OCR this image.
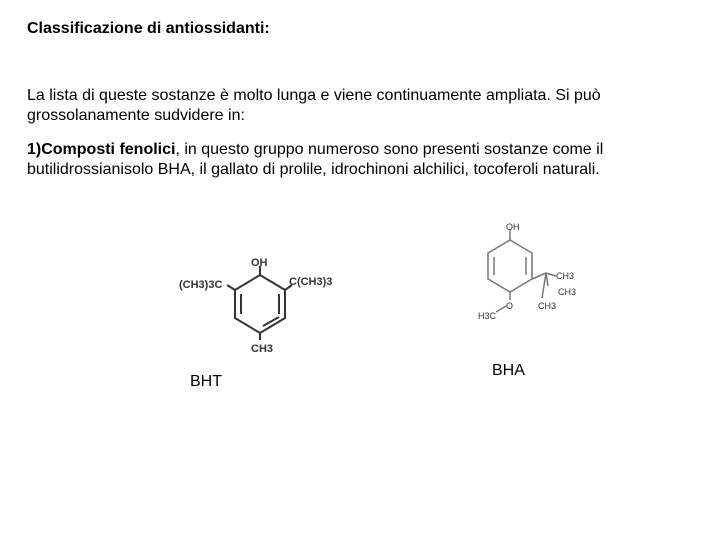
Classificazione di antiossidanti:
La lista di queste sostanze è molto lunga e viene continuamente ampliata. Si può grossolanamente sudvidere in:
1)Composti fenolici, in questo gruppo numeroso sono presenti sostanze come il butilidrossianisolo BHA, il gallato di prolile, idrochinoni alchilici, tocoferoli naturali.
OH
(CH3)3C	C(CH3)3
CH3
BHT
OH
O
H3C
CH3
CH3
CH3
BHA
